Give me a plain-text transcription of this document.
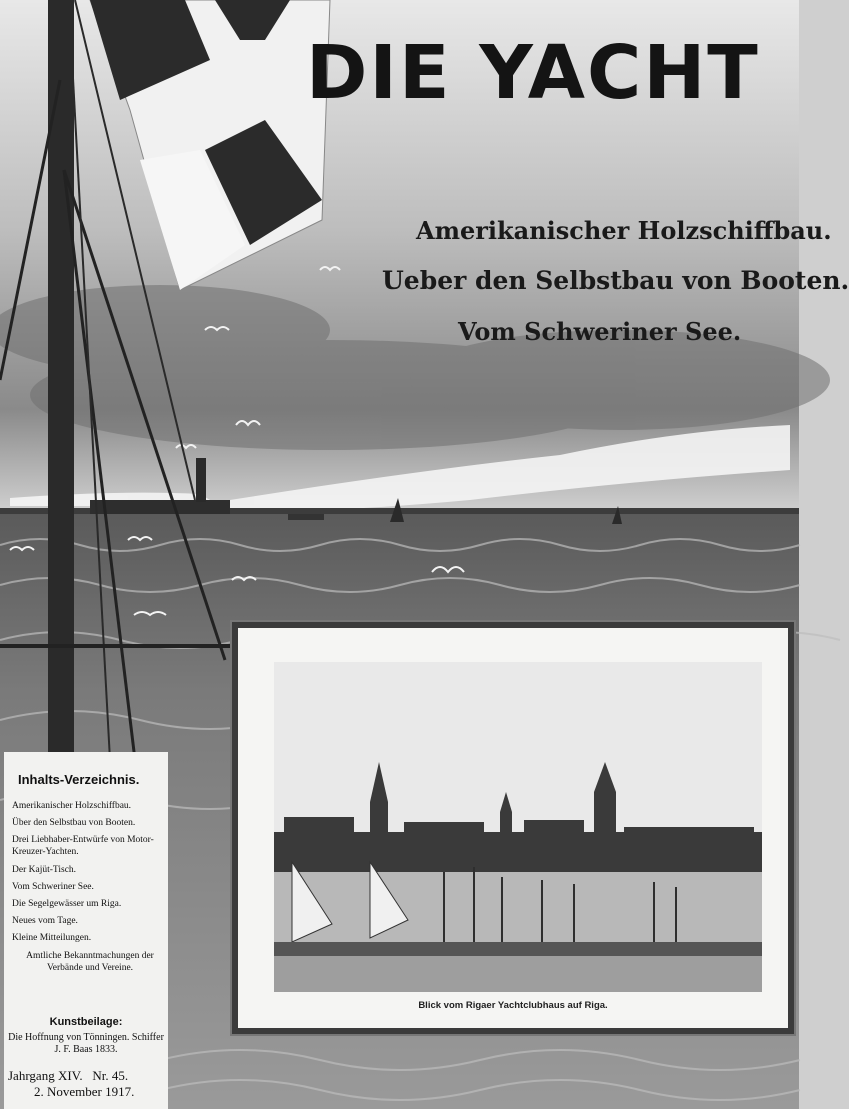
DIE YACHT
Amerikanischer Holzschiffbau.
Ueber den Selbstbau von Booten.
Vom Schweriner See.
Inhalts-Verzeichnis.
Amerikanischer Holzschiffbau.
Über den Selbstbau von Booten.
Drei Liebhaber-Entwürfe von Motor-Kreuzer-Yachten.
Der Kajüt-Tisch.
Vom Schweriner See.
Die Segelgewässer um Riga.
Neues vom Tage.
Kleine Mitteilungen.
Amtliche Bekanntmachungen der Verbände und Vereine.
Kunstbeilage:
Die Hoffnung von Tönningen. Schiffer J. F. Baas 1833.
Jahrgang XIV. Nr. 45.
2. November 1917.
Blick vom Rigaer Yachtclubhaus auf Riga.
